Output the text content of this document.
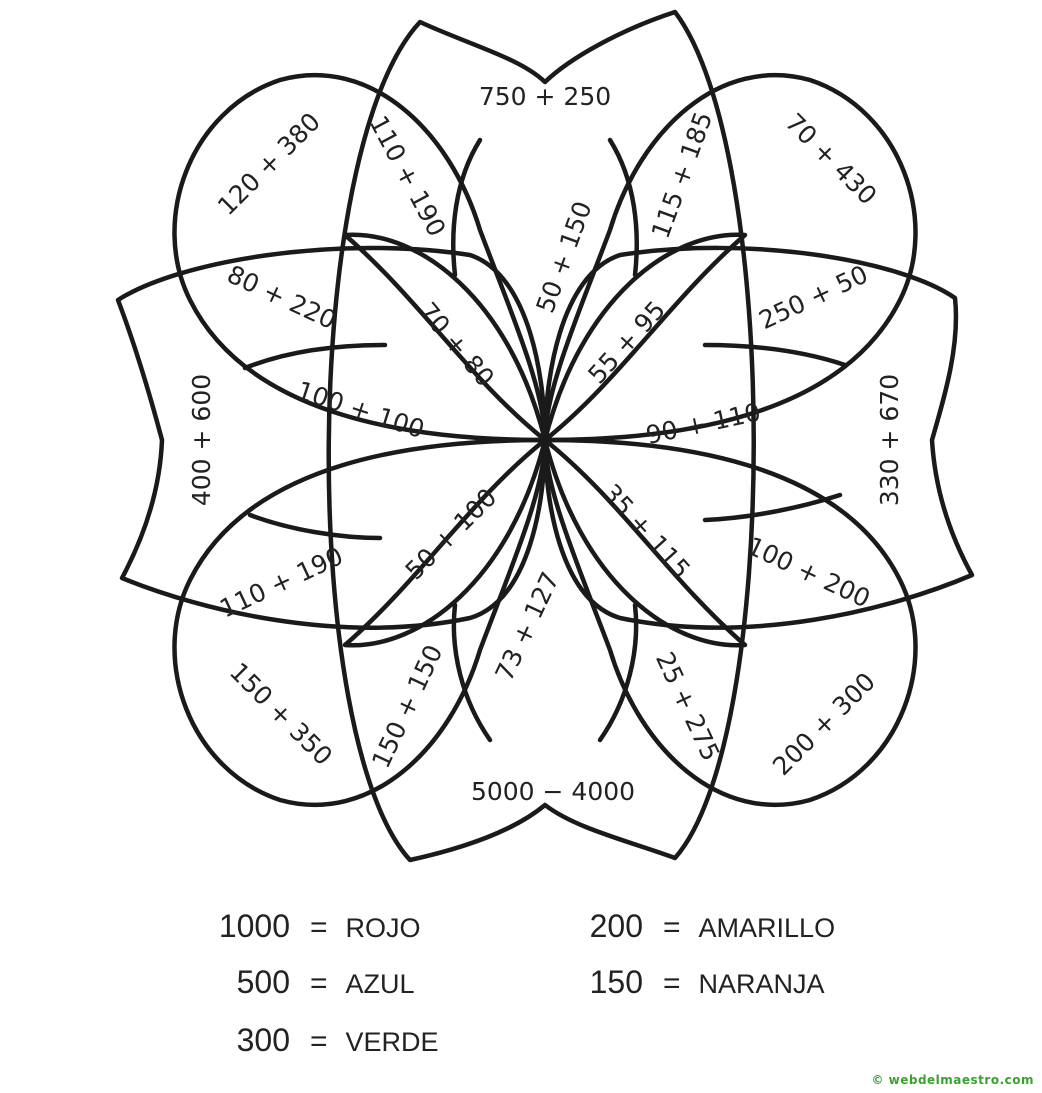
750 + 250
5000 − 4000
400 + 600	330 + 670
120 + 380	70 + 430
150 + 350	200 + 300
110 + 190
80 + 220
115 + 185
250 + 50
110 + 190
150 + 150
100 + 200
25 + 275
50 + 150
100 + 100	90 + 110
73 + 127
70 + 80	55 + 95
50 + 100	35 + 115
1000 = ROJO
500 = AZUL
300 = VERDE
200 = AMARILLO
150 = NARANJA
© webdelmaestro.com
